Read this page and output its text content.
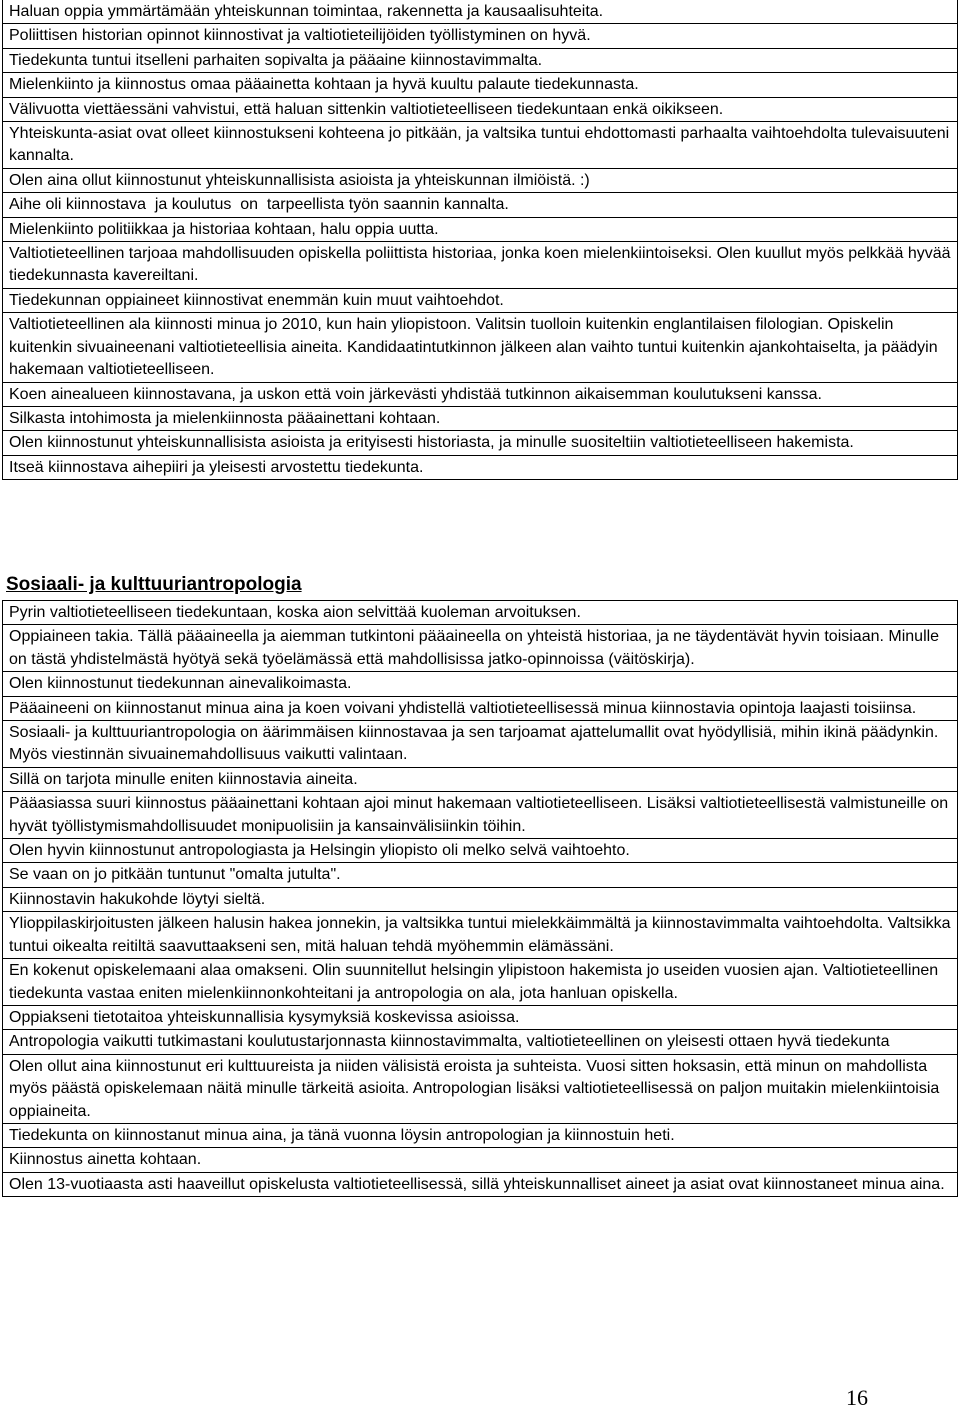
Haluan oppia ymmärtämään yhteiskunnan toimintaa, rakennetta ja kausaalisuhteita.
Poliittisen historian opinnot kiinnostivat ja valtiotieteilijöiden työllistyminen on hyvä.
Tiedekunta tuntui itselleni parhaiten sopivalta ja pääaine kiinnostavimmalta.
Mielenkiinto ja kiinnostus omaa pääainetta kohtaan ja hyvä kuultu palaute tiedekunnasta.
Välivuotta viettäessäni vahvistui, että haluan sittenkin valtiotieteelliseen tiedekuntaan enkä oikikseen.
Yhteiskunta-asiat ovat olleet kiinnostukseni kohteena jo pitkään, ja valtsika tuntui ehdottomasti parhaalta vaihtoehdolta tulevaisuuteni kannalta.
Olen aina ollut kiinnostunut yhteiskunnallisista asioista ja yhteiskunnan ilmiöistä. :)
Aihe oli kiinnostava  ja koulutus  on  tarpeellista työn saannin kannalta.
Mielenkiinto politiikkaa ja historiaa kohtaan, halu oppia uutta.
Valtiotieteellinen tarjoaa mahdollisuuden opiskella poliittista historiaa, jonka koen mielenkiintoiseksi. Olen kuullut myös pelkkää hyvää tiedekunnasta kavereiltani.
Tiedekunnan oppiaineet kiinnostivat enemmän kuin muut vaihtoehdot.
Valtiotieteellinen ala kiinnosti minua jo 2010, kun hain yliopistoon. Valitsin tuolloin kuitenkin englantilaisen filologian. Opiskelin kuitenkin sivuaineenani valtiotieteellisia aineita. Kandidaatintutkinnon jälkeen alan vaihto tuntui kuitenkin ajankohtaiselta, ja päädyin hakemaan valtiotieteelliseen.
Koen ainealueen kiinnostavana, ja uskon että voin järkevästi yhdistää tutkinnon aikaisemman koulutukseni kanssa.
Silkasta intohimosta ja mielenkiinnosta pääainettani kohtaan.
Olen kiinnostunut yhteiskunnallisista asioista ja erityisesti historiasta, ja minulle suositeltiin valtiotieteelliseen hakemista.
Itseä kiinnostava aihepiiri ja yleisesti arvostettu tiedekunta.
Sosiaali- ja kulttuuriantropologia
Pyrin valtiotieteelliseen tiedekuntaan, koska aion selvittää kuoleman arvoituksen.
Oppiaineen takia. Tällä pääaineella ja aiemman tutkintoni pääaineella on yhteistä historiaa, ja ne täydentävät hyvin toisiaan. Minulle on tästä yhdistelmästä hyötyä sekä työelämässä että mahdollisissa jatko-opinnoissa (väitöskirja).
Olen kiinnostunut tiedekunnan ainevalikoimasta.
Pääaineeni on kiinnostanut minua aina ja koen voivani yhdistellä valtiotieteellisessä minua kiinnostavia opintoja laajasti toisiinsa.
Sosiaali- ja kulttuuriantropologia on äärimmäisen kiinnostavaa ja sen tarjoamat ajattelumallit ovat hyödyllisiä, mihin ikinä päädynkin. Myös viestinnän sivuainemahdollisuus vaikutti valintaan.
Sillä on tarjota minulle eniten kiinnostavia aineita.
Pääasiassa suuri kiinnostus pääainettani kohtaan ajoi minut hakemaan valtiotieteelliseen. Lisäksi valtiotieteellisestä valmistuneille on hyvät työllistymismahdollisuudet monipuolisiin ja kansainvälisiinkin töihin.
Olen hyvin kiinnostunut antropologiasta ja Helsingin yliopisto oli melko selvä vaihtoehto.
Se vaan on jo pitkään tuntunut "omalta jutulta".
Kiinnostavin hakukohde löytyi sieltä.
Ylioppilaskirjoitusten jälkeen halusin hakea jonnekin, ja valtsikka tuntui mielekkäimmältä ja kiinnostavimmalta vaihtoehdolta. Valtsikka tuntui oikealta reitiltä saavuttaakseni sen, mitä haluan tehdä myöhemmin elämässäni.
En kokenut opiskelemaani alaa omakseni. Olin suunnitellut helsingin ylipistoon hakemista jo useiden vuosien ajan. Valtiotieteellinen tiedekunta vastaa eniten mielenkiinnonkohteitani ja antropologia on ala, jota hanluan opiskella.
Oppiakseni tietotaitoa yhteiskunnallisia kysymyksiä koskevissa asioissa.
Antropologia vaikutti tutkimastani koulutustarjonnasta kiinnostavimmalta, valtiotieteellinen on yleisesti ottaen hyvä tiedekunta
Olen ollut aina kiinnostunut eri kulttuureista ja niiden välisistä eroista ja suhteista. Vuosi sitten hoksasin, että minun on mahdollista myös päästä opiskelemaan näitä minulle tärkeitä asioita. Antropologian lisäksi valtiotieteellisessä on paljon muitakin mielenkiintoisia oppiaineita.
Tiedekunta on kiinnostanut minua aina, ja tänä vuonna löysin antropologian ja kiinnostuin heti.
Kiinnostus ainetta kohtaan.
Olen 13-vuotiaasta asti haaveillut opiskelusta valtiotieteellisessä, sillä yhteiskunnalliset aineet ja asiat ovat kiinnostaneet minua aina.
16
